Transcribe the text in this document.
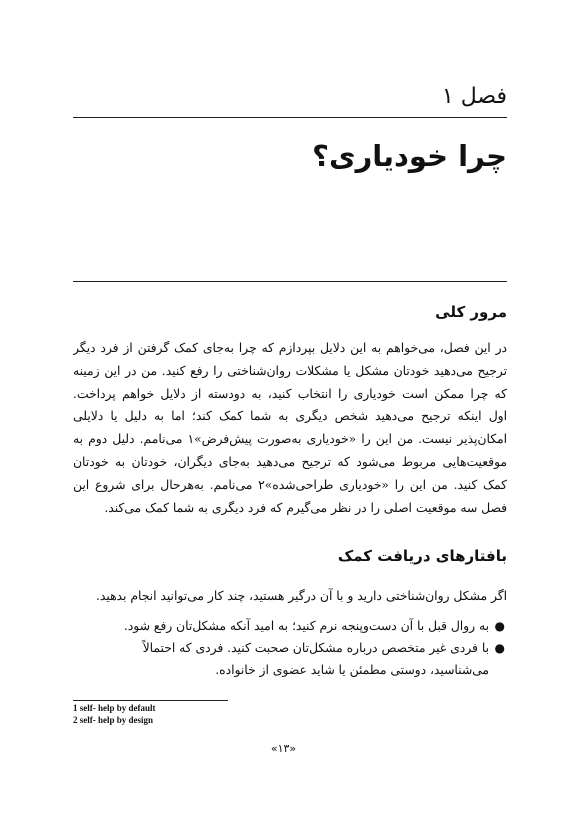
فصل ۱
چرا خودیاری؟
مرور کلی
در این فصل، می‌خواهم به این دلایل بپردازم که چرا به‌جای کمک گرفتن از فرد دیگر
ترجیح می‌دهید خودتان مشکل یا مشکلات روان‌شناختی را رفع کنید. من در این زمینه
که چرا ممکن است خودیاری را انتخاب کنید، به دودسته از دلایل خواهم پرداخت.
اول اینکه ترجیح می‌دهید شخص دیگری به شما کمک کند؛ اما به دلیل یا دلایلی
امکان‌پذیر نیست. من این را «خودیاری به‌صورت پیش‌فرض»۱ می‌نامم. دلیل دوم به
موقعیت‌هایی مربوط می‌شود که ترجیح می‌دهید به‌جای دیگران، خودتان به خودتان
کمک کنید. من این را «خودیاری طراحی‌شده»۲ می‌نامم. به‌هرحال برای شروع این
فصل سه موقعیت اصلی را در نظر می‌گیرم که فرد دیگری به شما کمک می‌کند.
بافتارهای دریافت کمک
اگر مشکل روان‌شناختی دارید و با آن درگیر هستید، چند کار می‌توانید انجام بدهید.
●
به روال قبل با آن دست‌وپنجه نرم کنید؛ به امید آنکه مشکل‌تان رفع شود.
●
با فردی غیر متخصص درباره مشکل‌تان صحبت کنید. فردی که احتمالاً
می‌شناسید، دوستی مطمئن یا شاید عضوی از خانواده.
1 self- help by default
2 self- help by design
«۱۳»
